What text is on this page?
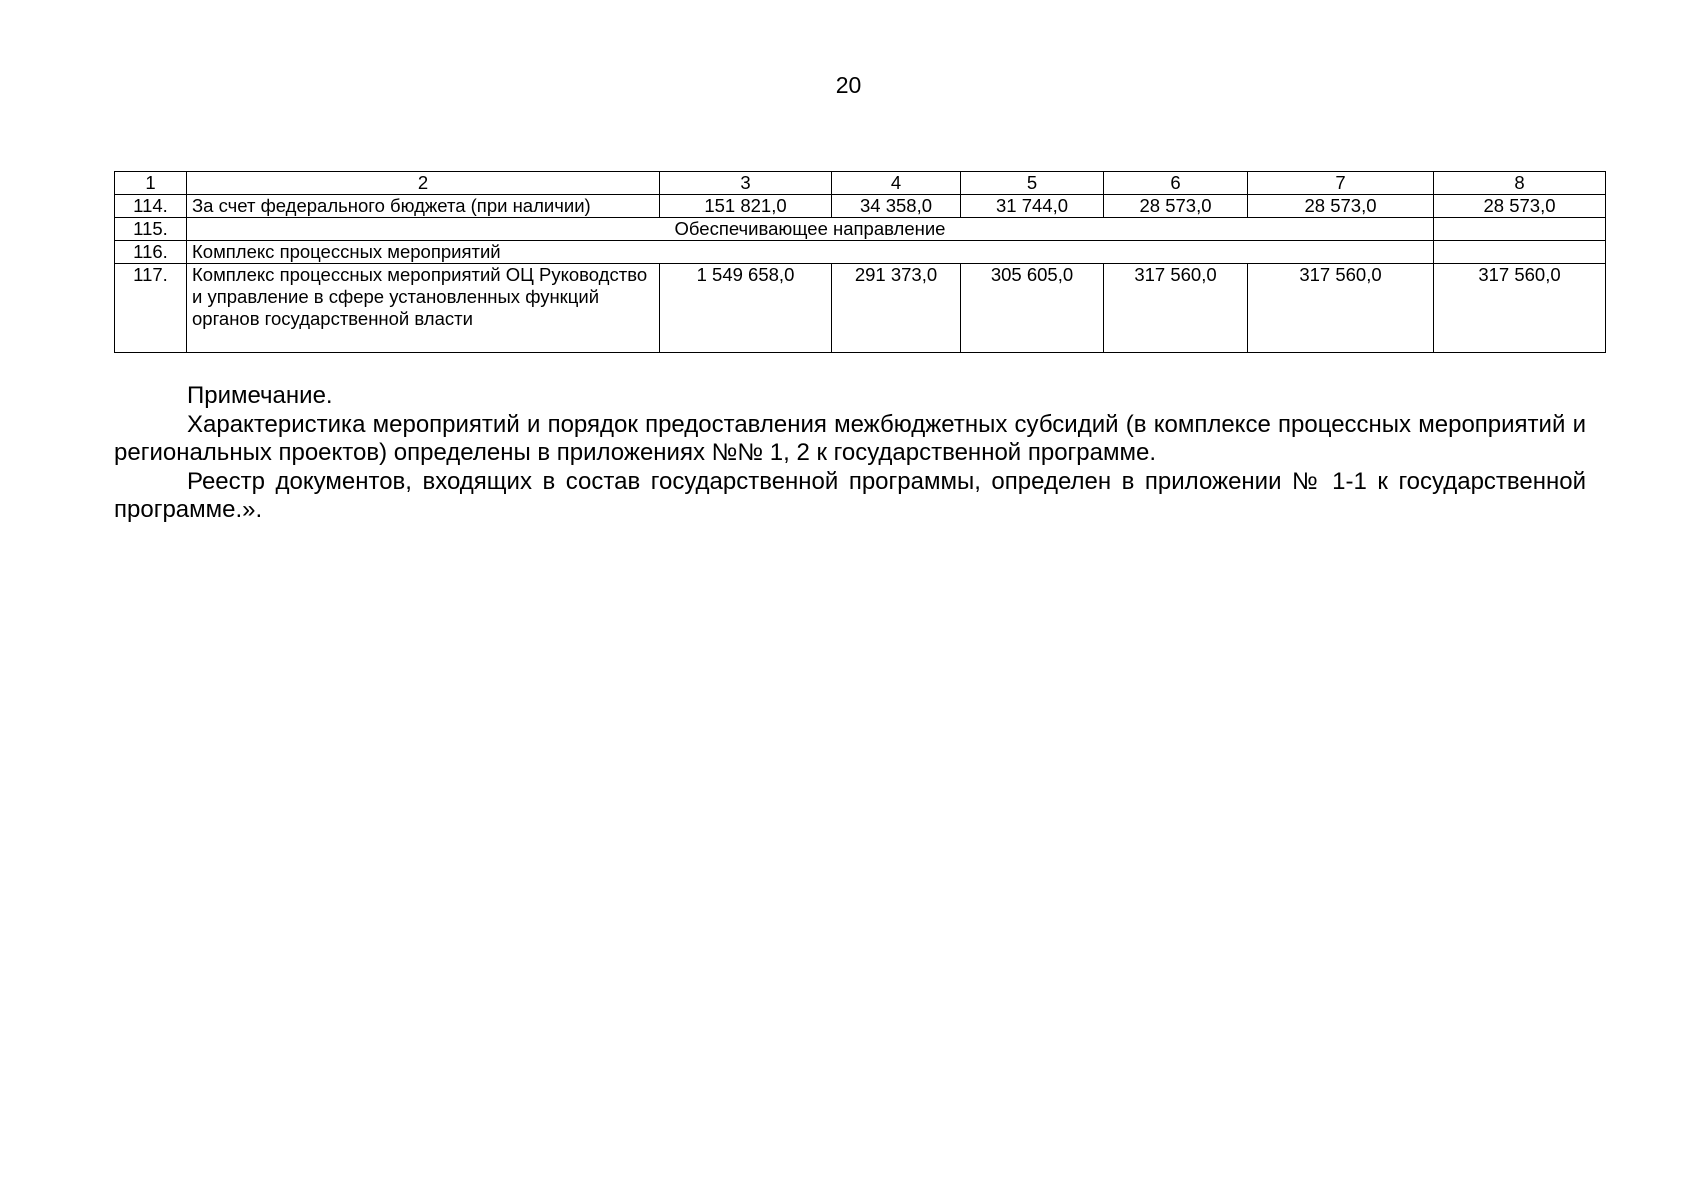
20
1	2	3	4	5	6	7	8
114.	За счет федерального бюджета (при наличии)	151 821,0	34 358,0	31 744,0	28 573,0	28 573,0	28 573,0
115.	Обеспечивающее направление						
116.	Комплекс процессных мероприятий						
117.	Комплекс процессных мероприятий ОЦ Руководство и управление в сфере установленных функций органов государственной власти	1 549 658,0	291 373,0	305 605,0	317 560,0	317 560,0	317 560,0

Примечание.

Характеристика мероприятий и порядок предоставления межбюджетных субсидий (в комплексе процессных мероприятий и региональных проектов) определены в приложениях №№ 1, 2 к государственной программе.

Реестр документов, входящих в состав государственной программы, определен в приложении № 1-1 к государственной программе.».
